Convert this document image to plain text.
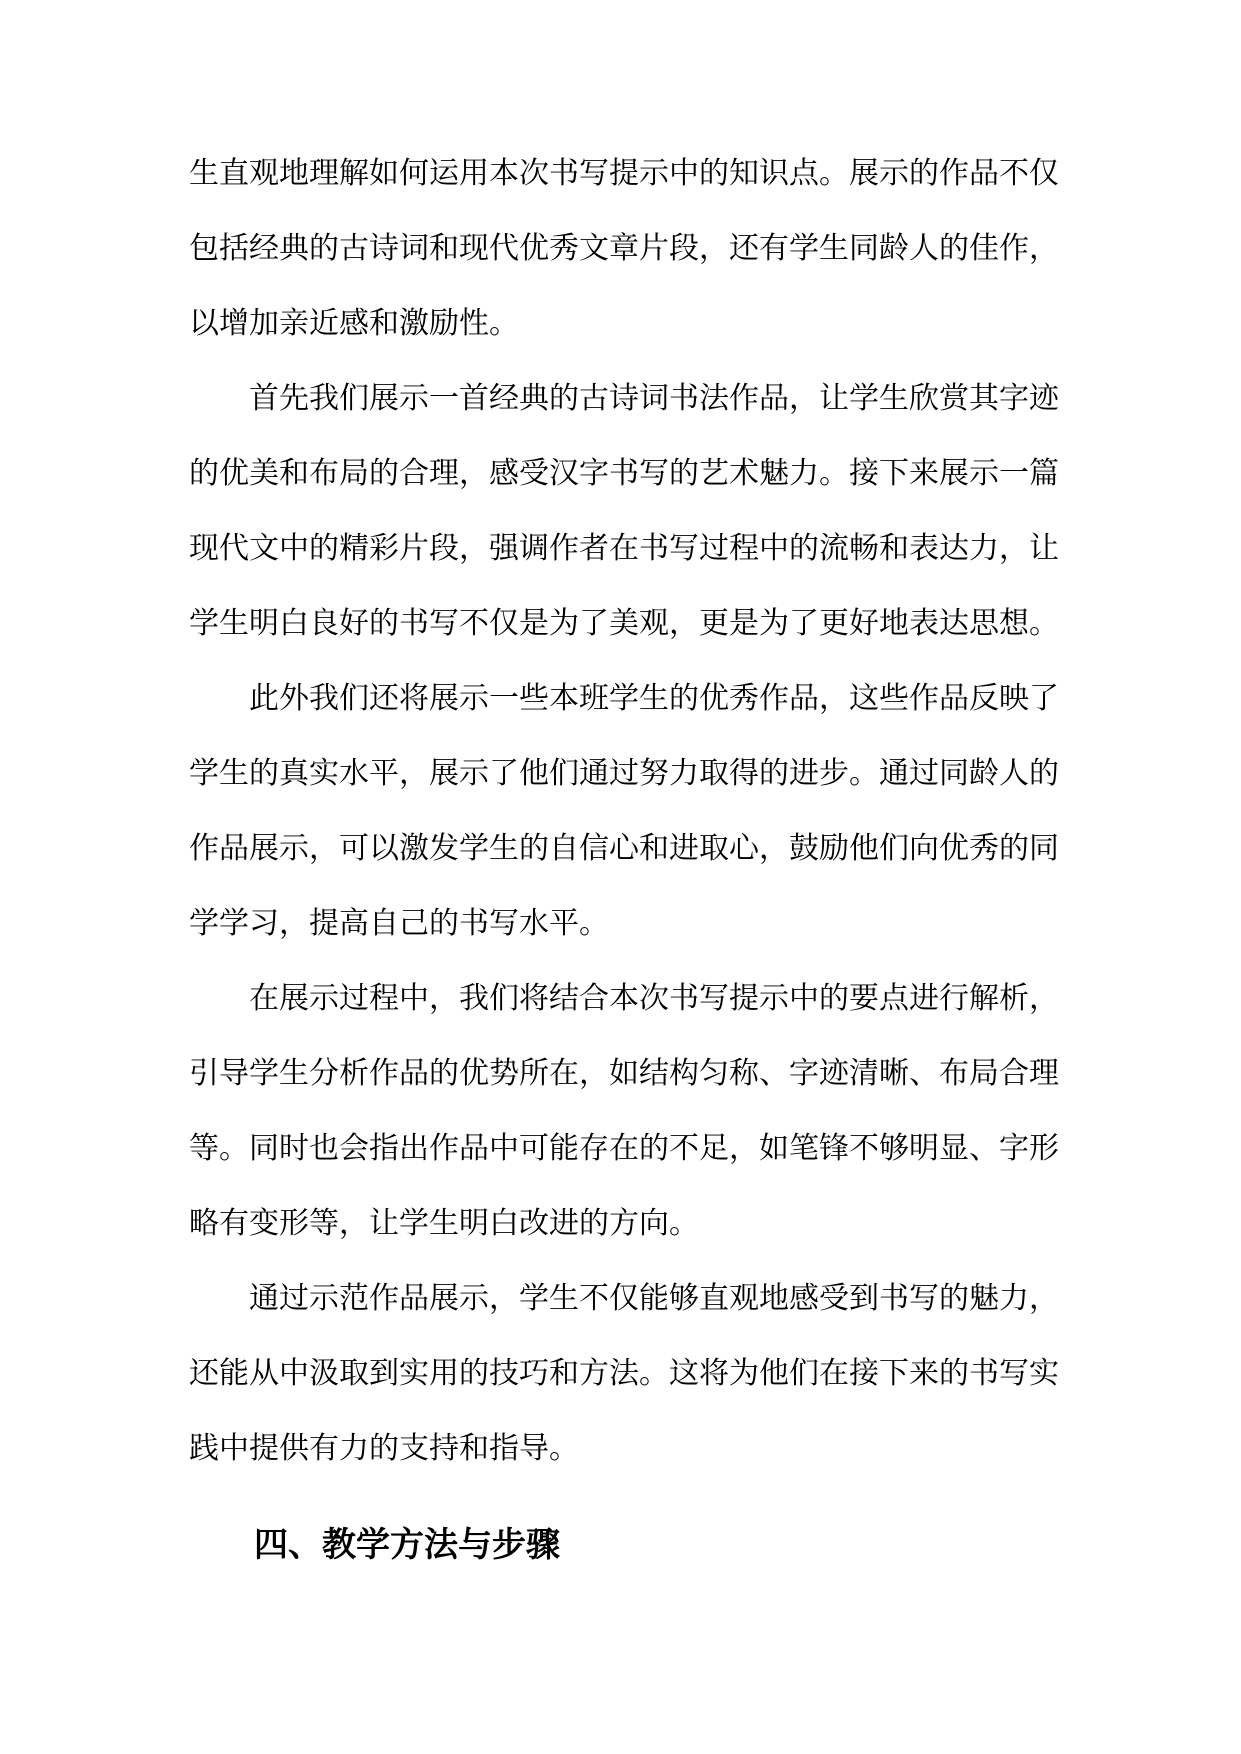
生直观地理解如何运用本次书写提示中的知识点。展示的作品不仅包括经典的古诗词和现代优秀文章片段，还有学生同龄人的佳作，以增加亲近感和激励性。

首先我们展示一首经典的古诗词书法作品，让学生欣赏其字迹的优美和布局的合理，感受汉字书写的艺术魅力。接下来展示一篇现代文中的精彩片段，强调作者在书写过程中的流畅和表达力，让学生明白良好的书写不仅是为了美观，更是为了更好地表达思想。

此外我们还将展示一些本班学生的优秀作品，这些作品反映了学生的真实水平，展示了他们通过努力取得的进步。通过同龄人的作品展示，可以激发学生的自信心和进取心，鼓励他们向优秀的同学学习，提高自己的书写水平。

在展示过程中，我们将结合本次书写提示中的要点进行解析，引导学生分析作品的优势所在，如结构匀称、字迹清晰、布局合理等。同时也会指出作品中可能存在的不足，如笔锋不够明显、字形略有变形等，让学生明白改进的方向。

通过示范作品展示，学生不仅能够直观地感受到书写的魅力，还能从中汲取到实用的技巧和方法。这将为他们在接下来的书写实践中提供有力的支持和指导。

四、教学方法与步骤
